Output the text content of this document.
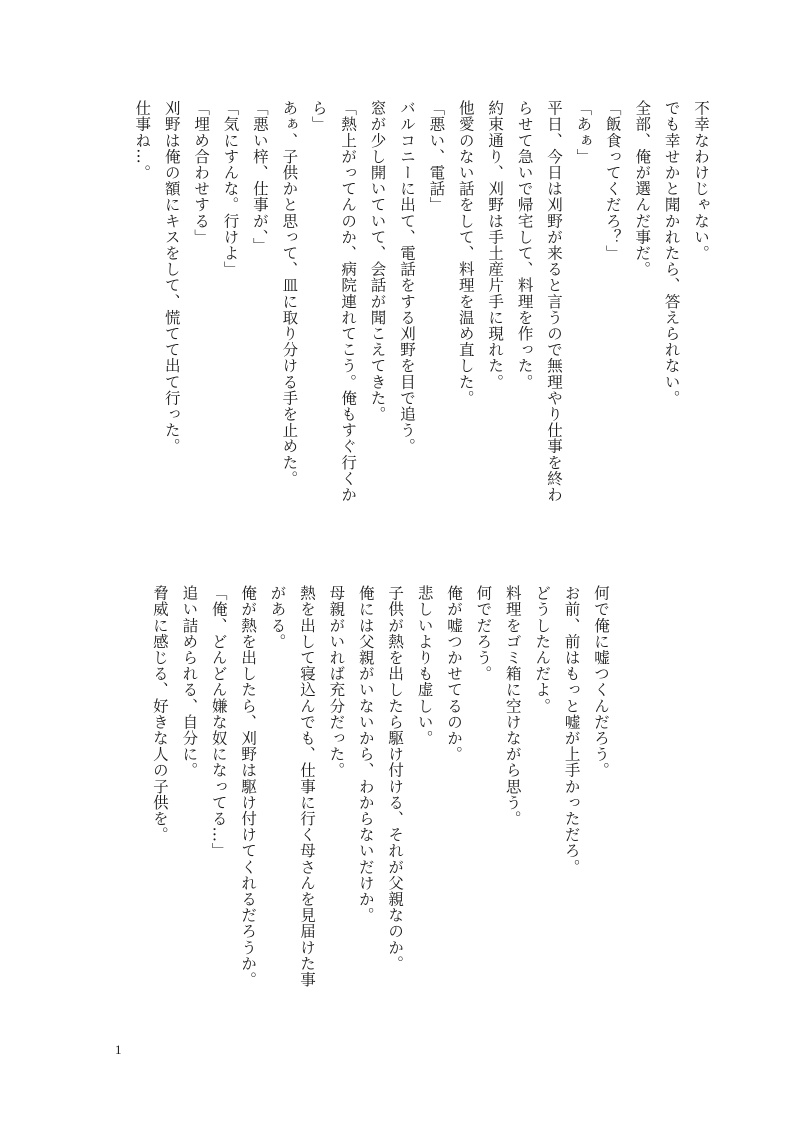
不幸なわけじゃない。
でも幸せかと聞かれたら、答えられない。
全部、俺が選んだ事だ。
「飯食ってくだろ？」
「あぁ」
平日、今日は刈野が来ると言うので無理やり仕事を終わ
らせて急いで帰宅して、料理を作った。
約束通り、刈野は手土産片手に現れた。
他愛のない話をして、料理を温め直した。
「悪い、電話」
バルコニーに出て、電話をする刈野を目で追う。
窓が少し開いていて、会話が聞こえてきた。
「熱上がってんのか、病院連れてこう。俺もすぐ行くか
ら」
あぁ、子供かと思って、皿に取り分ける手を止めた。
「悪い梓、仕事が、」
「気にすんな。行けよ」
「埋め合わせする」
刈野は俺の額にキスをして、慌てて出て行った。
仕事ね…。
何で俺に嘘つくんだろう。
お前、前はもっと嘘が上手かっただろ。
どうしたんだよ。
料理をゴミ箱に空けながら思う。
何でだろう。
俺が嘘つかせてるのか。
悲しいよりも虚しい。
子供が熱を出したら駆け付ける、それが父親なのか。
俺には父親がいないから、わからないだけか。
母親がいれば充分だった。
熱を出して寝込んでも、仕事に行く母さんを見届けた事
がある。
俺が熱を出したら、刈野は駆け付けてくれるだろうか。
「俺、どんどん嫌な奴になってる…」
追い詰められる、自分に。
脅威に感じる、好きな人の子供を。
1
